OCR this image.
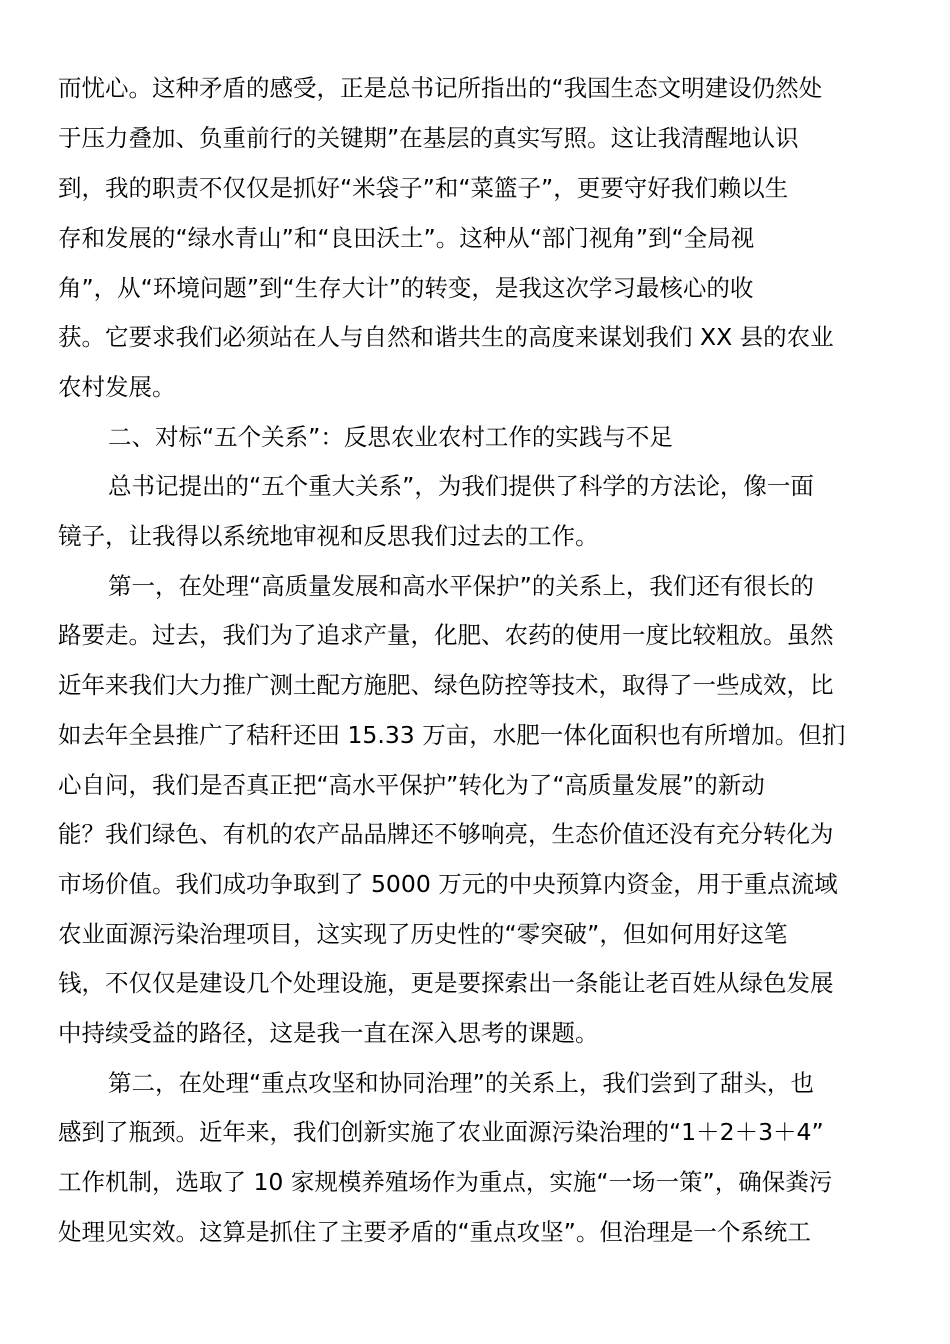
而忧心。这种矛盾的感受，正是总书记所指出的“我国生态文明建设仍然处
于压力叠加、负重前行的关键期”在基层的真实写照。这让我清醒地认识
到，我的职责不仅仅是抓好“米袋子”和“菜篮子”，更要守好我们赖以生
存和发展的“绿水青山”和“良田沃土”。这种从“部门视角”到“全局视
角”，从“环境问题”到“生存大计”的转变，是我这次学习最核心的收
获。它要求我们必须站在人与自然和谐共生的高度来谋划我们 XX 县的农业
农村发展。
二、对标“五个关系”：反思农业农村工作的实践与不足
总书记提出的“五个重大关系”，为我们提供了科学的方法论，像一面
镜子，让我得以系统地审视和反思我们过去的工作。
第一，在处理“高质量发展和高水平保护”的关系上，我们还有很长的
路要走。过去，我们为了追求产量，化肥、农药的使用一度比较粗放。虽然
近年来我们大力推广测土配方施肥、绿色防控等技术，取得了一些成效，比
如去年全县推广了秸秆还田 15.33 万亩，水肥一体化面积也有所增加。但扪
心自问，我们是否真正把“高水平保护”转化为了“高质量发展”的新动
能？我们绿色、有机的农产品品牌还不够响亮，生态价值还没有充分转化为
市场价值。我们成功争取到了 5000 万元的中央预算内资金，用于重点流域
农业面源污染治理项目，这实现了历史性的“零突破”，但如何用好这笔
钱，不仅仅是建设几个处理设施，更是要探索出一条能让老百姓从绿色发展
中持续受益的路径，这是我一直在深入思考的课题。
第二，在处理“重点攻坚和协同治理”的关系上，我们尝到了甜头，也
感到了瓶颈。近年来，我们创新实施了农业面源污染治理的“1＋2＋3＋4”
工作机制，选取了 10 家规模养殖场作为重点，实施“一场一策”，确保粪污
处理见实效。这算是抓住了主要矛盾的“重点攻坚”。但治理是一个系统工
